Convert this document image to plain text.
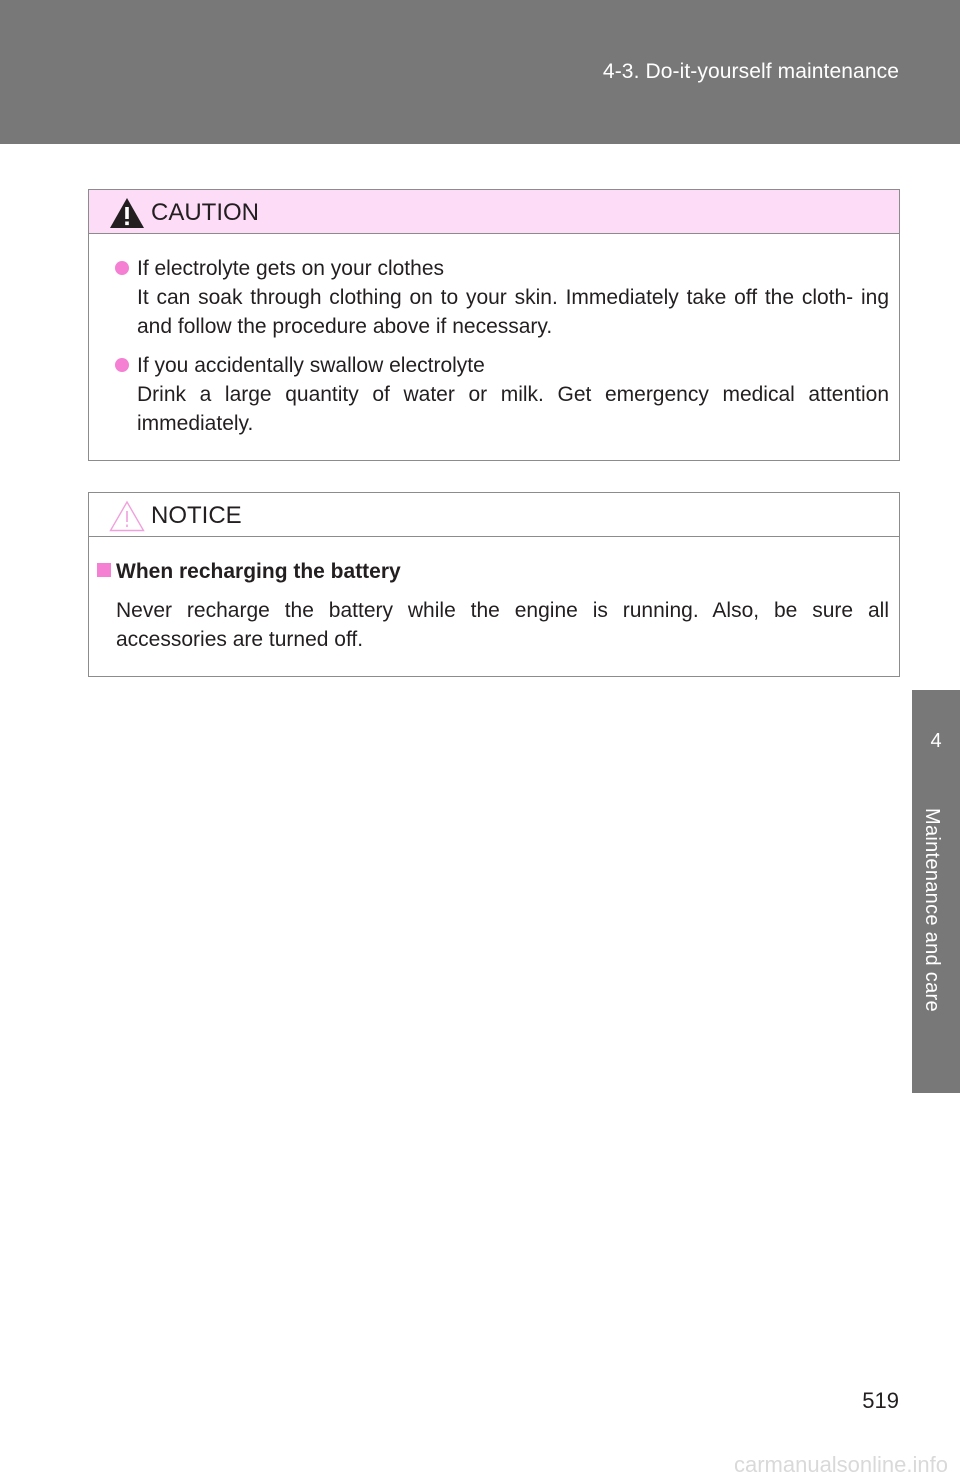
4-3. Do-it-yourself maintenance
4
Maintenance and care
CAUTION
If electrolyte gets on your clothes
It can soak through clothing on to your skin. Immediately take off the cloth- ing and follow the procedure above if necessary.
If you accidentally swallow electrolyte
Drink a large quantity of water or milk. Get emergency medical attention immediately.
NOTICE
When recharging the battery
Never recharge the battery while the engine is running. Also, be sure all accessories are turned off.
519
carmanualsonline.info
